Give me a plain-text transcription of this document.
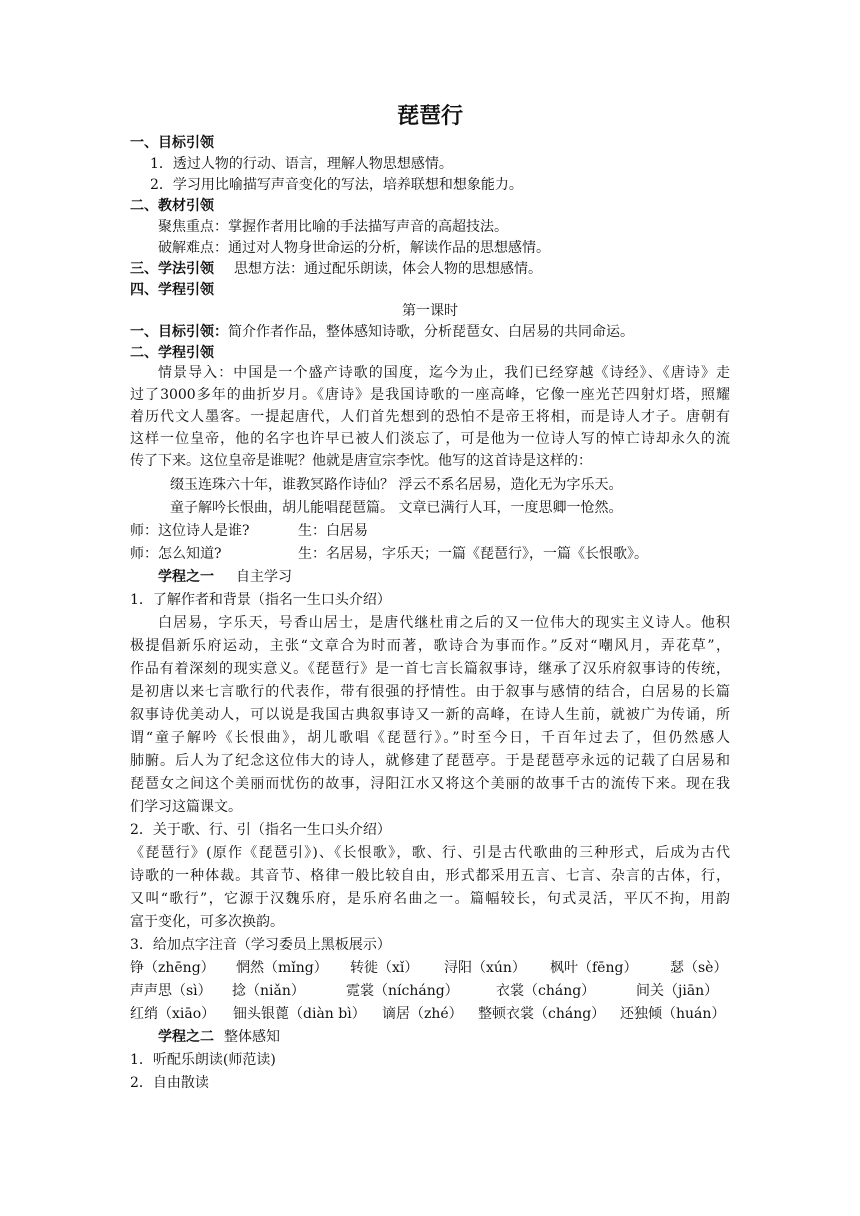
琵琶行
一、目标引领
1．透过人物的行动、语言，理解人物思想感情。
2．学习用比喻描写声音变化的写法，培养联想和想象能力。
二、教材引领
聚焦重点：掌握作者用比喻的手法描写声音的高超技法。
破解难点：通过对人物身世命运的分析，解读作品的思想感情。
三、学法引领 思想方法：通过配乐朗读，体会人物的思想感情。
四、学程引领
第一课时
一、目标引领：简介作者作品，整体感知诗歌，分析琵琶女、白居易的共同命运。
二、学程引领
情景导入：中国是一个盛产诗歌的国度，迄今为止，我们已经穿越《诗经》、《唐诗》走
过了3000多年的曲折岁月。《唐诗》是我国诗歌的一座高峰，它像一座光芒四射灯塔，照耀
着历代文人墨客。一提起唐代，人们首先想到的恐怕不是帝王将相，而是诗人才子。唐朝有
这样一位皇帝，他的名字也许早已被人们淡忘了，可是他为一位诗人写的悼亡诗却永久的流
传了下来。这位皇帝是谁呢？他就是唐宣宗李忱。他写的这首诗是这样的：
缀玉连珠六十年，谁教冥路作诗仙？ 浮云不系名居易，造化无为字乐天。
童子解吟长恨曲，胡儿能唱琵琶篇。 文章已满行人耳，一度思卿一怆然。
师：这位诗人是谁?	生：白居易
师：怎么知道?	生：名居易，字乐天；一篇《琵琶行》，一篇《长恨歌》。
学程之一 自主学习
1．了解作者和背景（指名一生口头介绍）
白居易，字乐天，号香山居士，是唐代继杜甫之后的又一位伟大的现实主义诗人。他积
极提倡新乐府运动，主张“文章合为时而著，歌诗合为事而作。”反对“嘲风月，弄花草”，
作品有着深刻的现实意义。《琵琶行》是一首七言长篇叙事诗，继承了汉乐府叙事诗的传统，
是初唐以来七言歌行的代表作，带有很强的抒情性。由于叙事与感情的结合，白居易的长篇
叙事诗优美动人，可以说是我国古典叙事诗又一新的高峰，在诗人生前，就被广为传诵，所
谓“童子解吟《长恨曲》，胡儿歌唱《琵琶行》。”时至今日，千百年过去了，但仍然感人
肺腑。后人为了纪念这位伟大的诗人，就修建了琵琶亭。于是琵琶亭永远的记载了白居易和
琵琶女之间这个美丽而忧伤的故事，浔阳江水又将这个美丽的故事千古的流传下来。现在我
们学习这篇课文。
2．关于歌、行、引（指名一生口头介绍）
《琵琶行》(原作《琵琶引》)、《长恨歌》，歌、行、引是古代歌曲的三种形式，后成为古代
诗歌的一种体裁。其音节、格律一般比较自由，形式都采用五言、七言、杂言的古体，行，
又叫“歌行”，它源于汉魏乐府，是乐府名曲之一。篇幅较长，句式灵活，平仄不拘，用韵
富于变化，可多次换韵。
3．给加点字注音（学习委员上黑板展示）
铮（zhēng） 惘然（mǐng） 转徙（xǐ） 浔阳（xún） 枫叶（fēng） 瑟（sè）
声声思（sì） 捻（niǎn）	霓裳（nícháng）	衣裳（cháng）	间关（jiān）
红绡（xiāo） 钿头银蓖（diàn bì） 谪居（zhé） 整顿衣裳（cháng） 还独倾（huán）
学程之二 整体感知
1．听配乐朗读(师范读)
2．自由散读
